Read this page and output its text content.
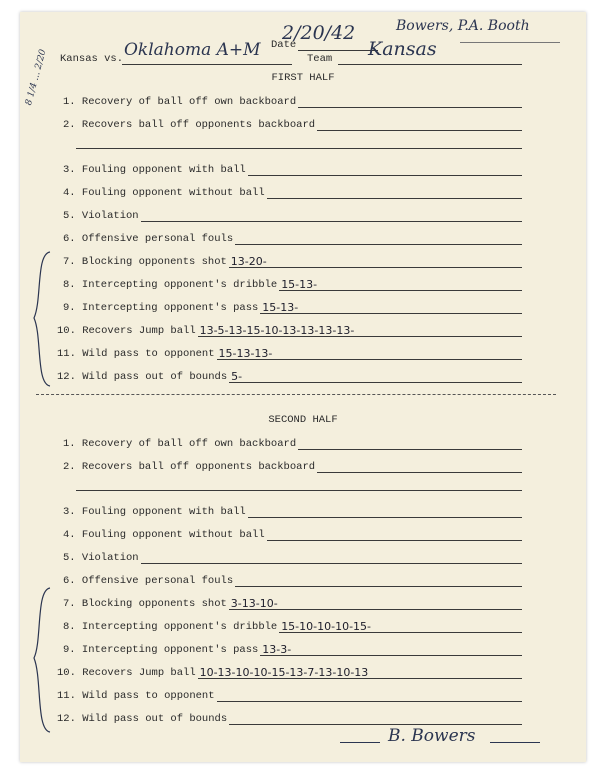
8 1/4 ... 2/20 Kansas vs. Oklahoma A+M Date
2/20/42	Bowers, P.A. Booth
Team Kansas
FIRST HALF
1. Recovery of ball off own backboard
2. Recovers ball off opponents backboard
3. Fouling opponent with ball
4. Fouling opponent without ball
5. Violation
6. Offensive personal fouls
7. Blocking opponents shot 13-20-
8. Intercepting opponent's dribble 15-13-
9. Intercepting opponent's pass 15-13-
10. Recovers Jump ball 13-5-13-15-10-13-13-13-13-
11. Wild pass to opponent 15-13-13-
12. Wild pass out of bounds 5-
SECOND HALF
1. Recovery of ball off own backboard
2. Recovers ball off opponents backboard
3. Fouling opponent with ball
4. Fouling opponent without ball
5. Violation
6. Offensive personal fouls
7. Blocking opponents shot 3-13-10-
8. Intercepting opponent's dribble 15-10-10-10-15-
9. Intercepting opponent's pass 13-3-
10. Recovers Jump ball 10-13-10-10-15-13-7-13-10-13
11. Wild pass to opponent
12. Wild pass out of bounds
B. Bowers
